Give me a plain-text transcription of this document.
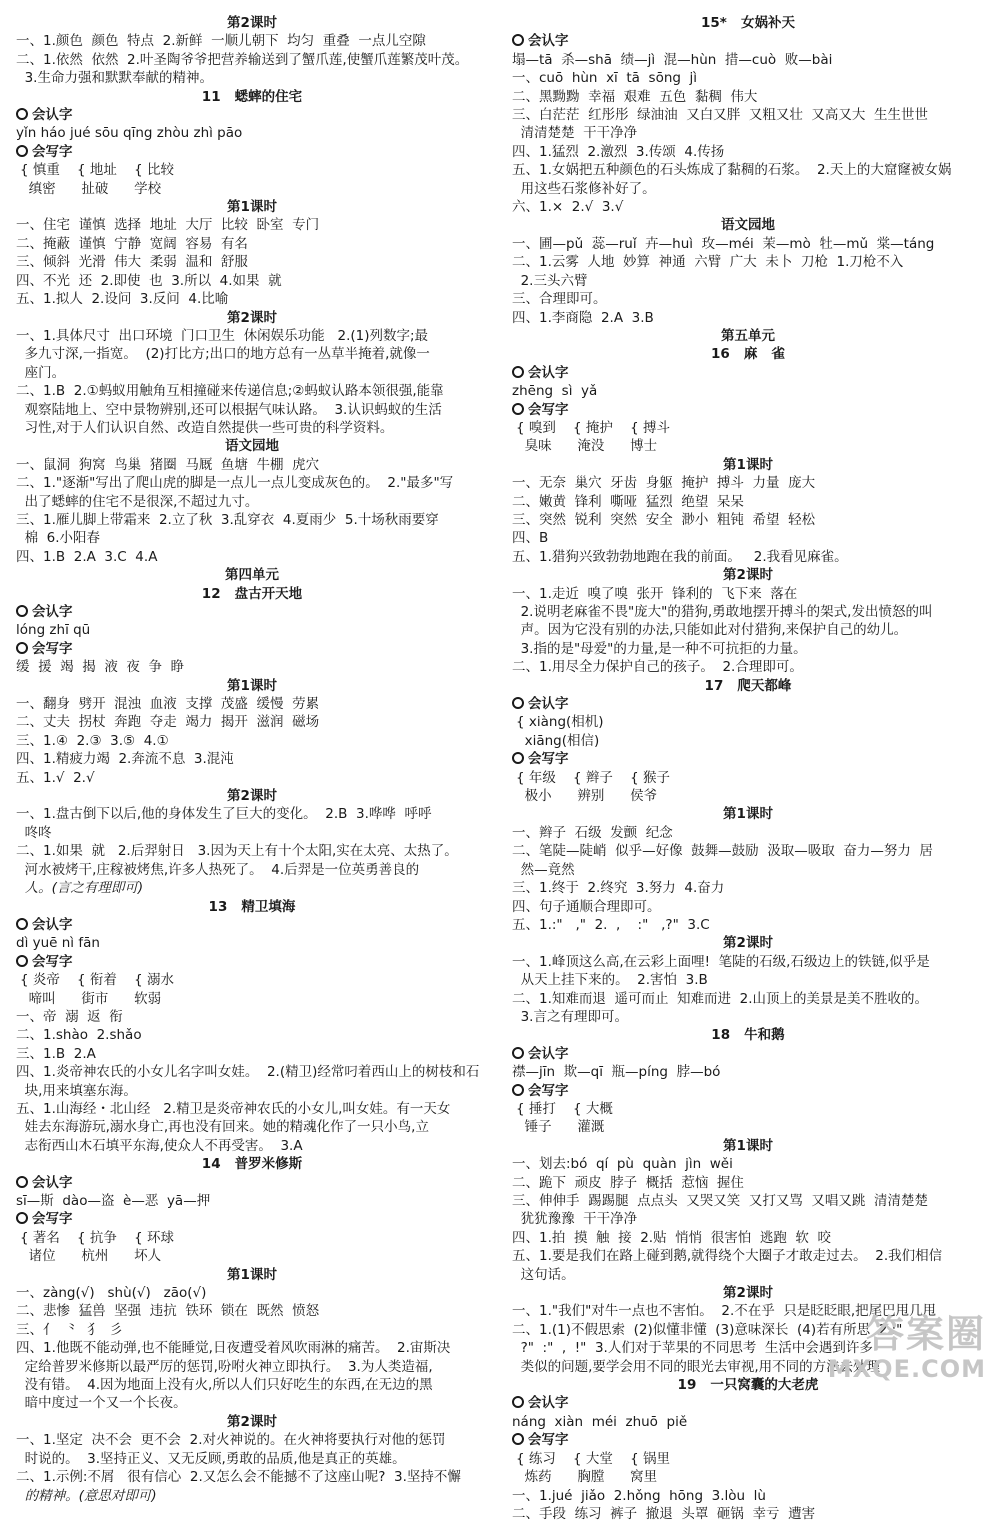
第2课时
一、1.颜色  颜色  特点  2.新鲜  一顺儿朝下  均匀  重叠  一点儿空隙
二、1.依然  依然  2.叶圣陶爷爷把营养输送到了蟹爪莲,使蟹爪莲繁茂叶茂。
3.生命力强和默默奉献的精神。
11   蟋蟀的住宅
会认字
yǐn háo jué sōu qīng zhòu zhì pāo
会写字
{ 慎重    { 地址    { 比较
缜密      扯破      学校
第1课时
一、住宅  谨慎  选择  地址  大厅  比较  卧室  专门
二、掩蔽  谨慎  宁静  宽阔  容易  有名
三、倾斜  光滑  伟大  柔弱  温和  舒服
四、不光  还  2.即使  也  3.所以  4.如果  就
五、1.拟人  2.设问  3.反问  4.比喻
第2课时
一、1.具体尺寸  出口环境  门口卫生  休闲娱乐功能   2.(1)列数字;最
多九寸深,一指宽。  (2)打比方;出口的地方总有一丛草半掩着,就像一
座门。
二、1.B  2.①蚂蚁用触角互相撞碰来传递信息;②蚂蚁认路本领很强,能靠
观察陆地上、空中景物辨别,还可以根据气味认路。  3.认识蚂蚁的生活
习性,对于人们认识自然、改造自然提供一些可贵的科学资料。
语文园地
一、鼠洞  狗窝  鸟巢  猪圈  马厩  鱼塘  牛棚  虎穴
二、1."逐渐"写出了爬山虎的脚是一点儿一点儿变成灰色的。  2."最多"写
出了蟋蟀的住宅不是很深,不超过九寸。
三、1.雁儿脚上带霜来  2.立了秋  3.乱穿衣  4.夏雨少  5.十场秋雨要穿
棉  6.小阳春
四、1.B  2.A  3.C  4.A
第四单元
12   盘古开天地
会认字
lóng zhī qū
会写字
缓  援  竭  揭  液  夜  争  睁
第1课时
一、翻身  劈开  混浊  血液  支撑  茂盛  缓慢  劳累
二、丈夫  拐杖  奔跑  夺走  竭力  揭开  滋润  磁场
三、1.④  2.③  3.⑤  4.①
四、1.精疲力竭  2.奔流不息  3.混沌
五、1.√  2.√
第2课时
一、1.盘古倒下以后,他的身体发生了巨大的变化。  2.B  3.哗哗  呼呼
咚咚
二、1.如果  就   2.后羿射日   3.因为天上有十个太阳,实在太亮、太热了。
河水被烤干,庄稼被烤焦,许多人热死了。  4.后羿是一位英勇善良的
人。(言之有理即可)
13   精卫填海
会认字
dì yuē nì fān
会写字
{ 炎帝    { 衔着    { 溺水
啼叫      街市      软弱
一、帝  溺  返  衔
二、1.shào  2.shǎo
三、1.B  2.A
四、1.炎帝神农氏的小女儿名字叫女娃。  2.(精卫)经常叼着西山上的树枝和石
块,用来填塞东海。
五、1.山海经・北山经   2.精卫是炎帝神农氏的小女儿,叫女娃。有一天女
娃去东海游玩,溺水身亡,再也没有回来。她的精魂化作了一只小鸟,立
志衔西山木石填平东海,使众人不再受害。  3.A
14   普罗米修斯
会认字
sī—斯  dào—盗  è—恶  yā—押
会写字
{ 著名    { 抗争    { 环球
诸位      杭州      坏人
第1课时
一、zàng(√)   shù(√)   zāo(√)
二、悲惨  猛兽  坚强  违抗  铁环  锁在  既然  愤怒
三、亻  ⺀  犭  彡
四、1.他既不能动弹,也不能睡觉,日夜遭受着风吹雨淋的痛苦。  2.宙斯决
定给普罗米修斯以最严厉的惩罚,吩咐火神立即执行。  3.为人类造福,
没有错。  4.因为地面上没有火,所以人们只好吃生的东西,在无边的黑
暗中度过一个又一个长夜。
第2课时
一、1.坚定  决不会  更不会  2.对火神说的。在火神将要执行对他的惩罚
时说的。  3.坚持正义、又无反顾,勇敢的品质,他是真正的英雄。
二、1.示例:不屑   很有信心  2.又怎么会不能撼不了这座山呢?  3.坚持不懈
的精神。(意思对即可)
15*   女娲补天
会认字
塌—tā  杀—shā  绩—jì  混—hùn  措—cuò  败—bài
一、cuō  hùn  xī  tā  sōng  jì
二、黑黝黝  幸福  艰难  五色  黏稠  伟大
三、白茫茫  红彤彤  绿油油  又白又胖  又粗又壮  又高又大  生生世世
清清楚楚  干干净净
四、1.猛烈  2.激烈  3.传颂  4.传扬
五、1.女娲把五种颜色的石头炼成了黏稠的石浆。  2.天上的大窟窿被女娲
用这些石浆修补好了。
六、1.×  2.√  3.√
语文园地
一、圃—pǔ  蕊—ruǐ  卉—huì  玫—méi  茉—mò  牡—mǔ  棠—táng
二、1.云雾  人地  妙算  神通  六臂  广大  未卜  刀枪  1.刀枪不入
2.三头六臂
三、合理即可。
四、1.李商隐  2.A  3.B
第五单元
16   麻   雀
会认字
zhēng  sì  yǎ
会写字
{ 嗅到    { 掩护    { 搏斗
臭味      淹没      博士
第1课时
一、无奈  巢穴  牙齿  身躯  掩护  搏斗  力量  庞大
二、嫩黄  锋利  嘶哑  猛烈  绝望  呆呆
三、突然  锐利  突然  安全  渺小  粗钝  希望  轻松
四、B
五、1.猎狗兴致勃勃地跑在我的前面。   2.我看见麻雀。
第2课时
一、1.走近  嗅了嗅  张开  锋利的  飞下来  落在
2.说明老麻雀不畏"庞大"的猎狗,勇敢地摆开搏斗的架式,发出愤怒的叫
声。因为它没有别的办法,只能如此对付猎狗,来保护自己的幼儿。
3.指的是"母爱"的力量,是一种不可抗拒的力量。
二、1.用尽全力保护自己的孩子。  2.合理即可。
17   爬天都峰
会认字
{ xiàng(相机)
xiāng(相信)
会写字
{ 年级    { 辫子    { 猴子
极小      辨别      侯爷
第1课时
一、辫子  石级  发颤  纪念
二、笔陡—陡峭  似乎—好像  鼓舞—鼓励  汲取—吸取  奋力—努力  居
然—竟然
三、1.终于  2.终究  3.努力  4.奋力
四、句子通顺合理即可。
五、1.:"   ,"  2.  ,    :"   ,?"  3.C
第2课时
一、1.峰顶这么高,在云彩上面哩!  笔陡的石级,石级边上的铁链,似乎是
从天上挂下来的。  2.害怕  3.B
二、1.知难而退  遥可而止  知难而进  2.山顶上的美景是美不胜收的。
3.言之有理即可。
18   牛和鹅
会认字
襟—jīn  欺—qī  瓶—píng  脖—bó
会写字
{ 捶打    { 大概
锤子      灌溉
第1课时
一、划去:bó  qí  pù  quàn  jìn  wěi
二、跪下  顽皮  脖子  概括  惹恼  握住
三、伸伸手  踢踢腿  点点头  又哭又笑  又打又骂  又唱又跳  清清楚楚
犹犹豫豫  干干净净
四、1.拍  摸  触  接  2.贴  悄悄  很害怕  逃跑  软  咬
五、1.要是我们在路上碰到鹅,就得绕个大圈子才敢走过去。  2.我们相信
这句话。
第2课时
一、1."我们"对牛一点也不害怕。  2.不在乎  只是眨眨眼,把尾巴甩几甩
二、1.(1)不假思索  (2)似懂非懂  (3)意味深长  (4)若有所思  2.:"
?"  :"  ,  !"  3.人们对于苹果的不同思考  生活中会遇到许多
类似的问题,要学会用不同的眼光去审视,用不同的方法去处理
19   一只窝囊的大老虎
会认字
náng  xiàn  méi  zhuō  piě
会写字
{ 练习    { 大堂    { 锅里
炼药      胸膛      窝里
一、1.jué  jiǎo  2.hǒng  hōng  3.lòu  lù
二、手段  练习  裤子  撤退  头罩  砸锅  幸亏  遭害
答案圈
MXQE.COM
